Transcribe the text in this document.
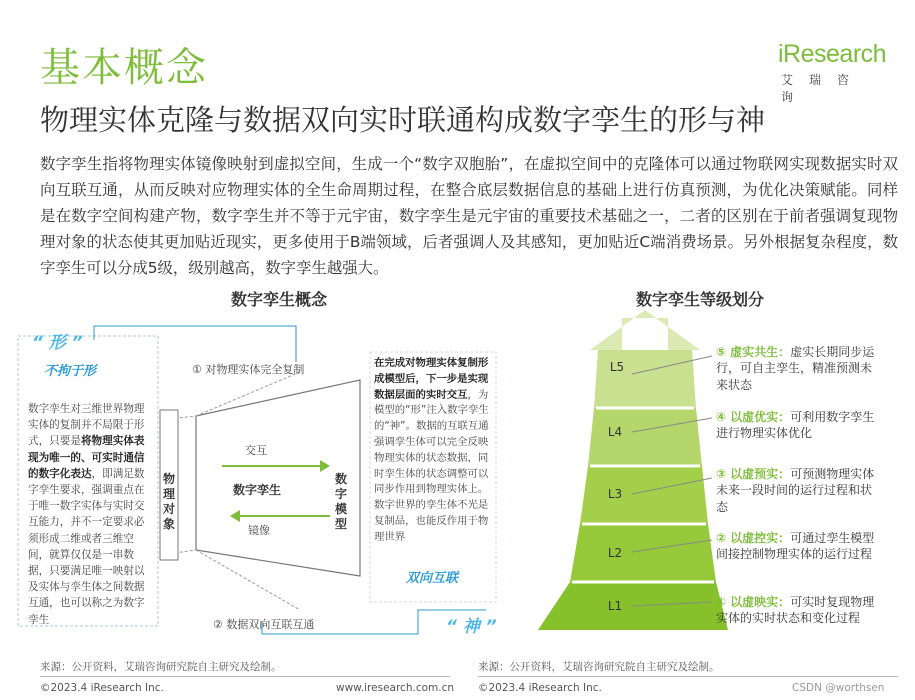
基本概念	iResearch
艾瑞咨询
物理实体克隆与数据双向实时联通构成数字孪生的形与神
数字孪生指将物理实体镜像映射到虚拟空间，生成一个“数字双胞胎”，在虚拟空间中的克隆体可以通过物联网实现数据实时双向互联互通，从而反映对应物理实体的全生命周期过程，在整合底层数据信息的基础上进行仿真预测，为优化决策赋能。同样是在数字空间构建产物，数字孪生并不等于元宇宙，数字孪生是元宇宙的重要技术基础之一，二者的区别在于前者强调复现物理对象的状态使其更加贴近现实，更多使用于B端领域，后者强调人及其感知，更加贴近C端消费场景。另外根据复杂程度，数字孪生可以分成5级，级别越高，数字孪生越强大。
数字孪生概念	数字孪生等级划分
“ 形 ”
不拘于形
数字孪生对三维世界物理实体的复制并不局限于形式，只要是将物理实体表现为唯一的、可实时通信的数字化表达，即满足数字孪生要求，强调重点在于唯一数字实体与实时交互能力，并不一定要求必须形成二维或者三维空间，就算仅仅是一串数据，只要满足唯一映射以及实体与孪生体之间数据互通，也可以称之为数字孪生
① 对物理实体完全复制
② 数据双向互联互通
物理对象
数字模型
数字孪生
交互
镜像
在完成对物理实体复制形成模型后，下一步是实现数据层面的实时交互，为模型的“形”注入数字孪生的“神”。数据的互联互通强调孪生体可以完全反映物理实体的状态数据，同时孪生体的状态调整可以同步作用到物理实体上。数字世界的孪生体不光是复制品，也能反作用于物理世界
双向互联
“ 神 ”
L5
L4
L3
L2
L1
⑤ 虚实共生：虚实长期同步运行，可自主孪生，精准预测未来状态
④ 以虚优实：可利用数字孪生进行物理实体优化
③ 以虚预实：可预测物理实体未来一段时间的运行过程和状态
② 以虚控实：可通过孪生模型间接控制物理实体的运行过程
① 以虚映实：可实时复现物理实体的实时状态和变化过程
来源：公开资料，艾瑞咨询研究院自主研究及绘制。	来源：公开资料，艾瑞咨询研究院自主研究及绘制。
©2023.4 iResearch Inc.	www.iresearch.com.cn ©2023.4 iResearch Inc.	CSDN @worthsen
